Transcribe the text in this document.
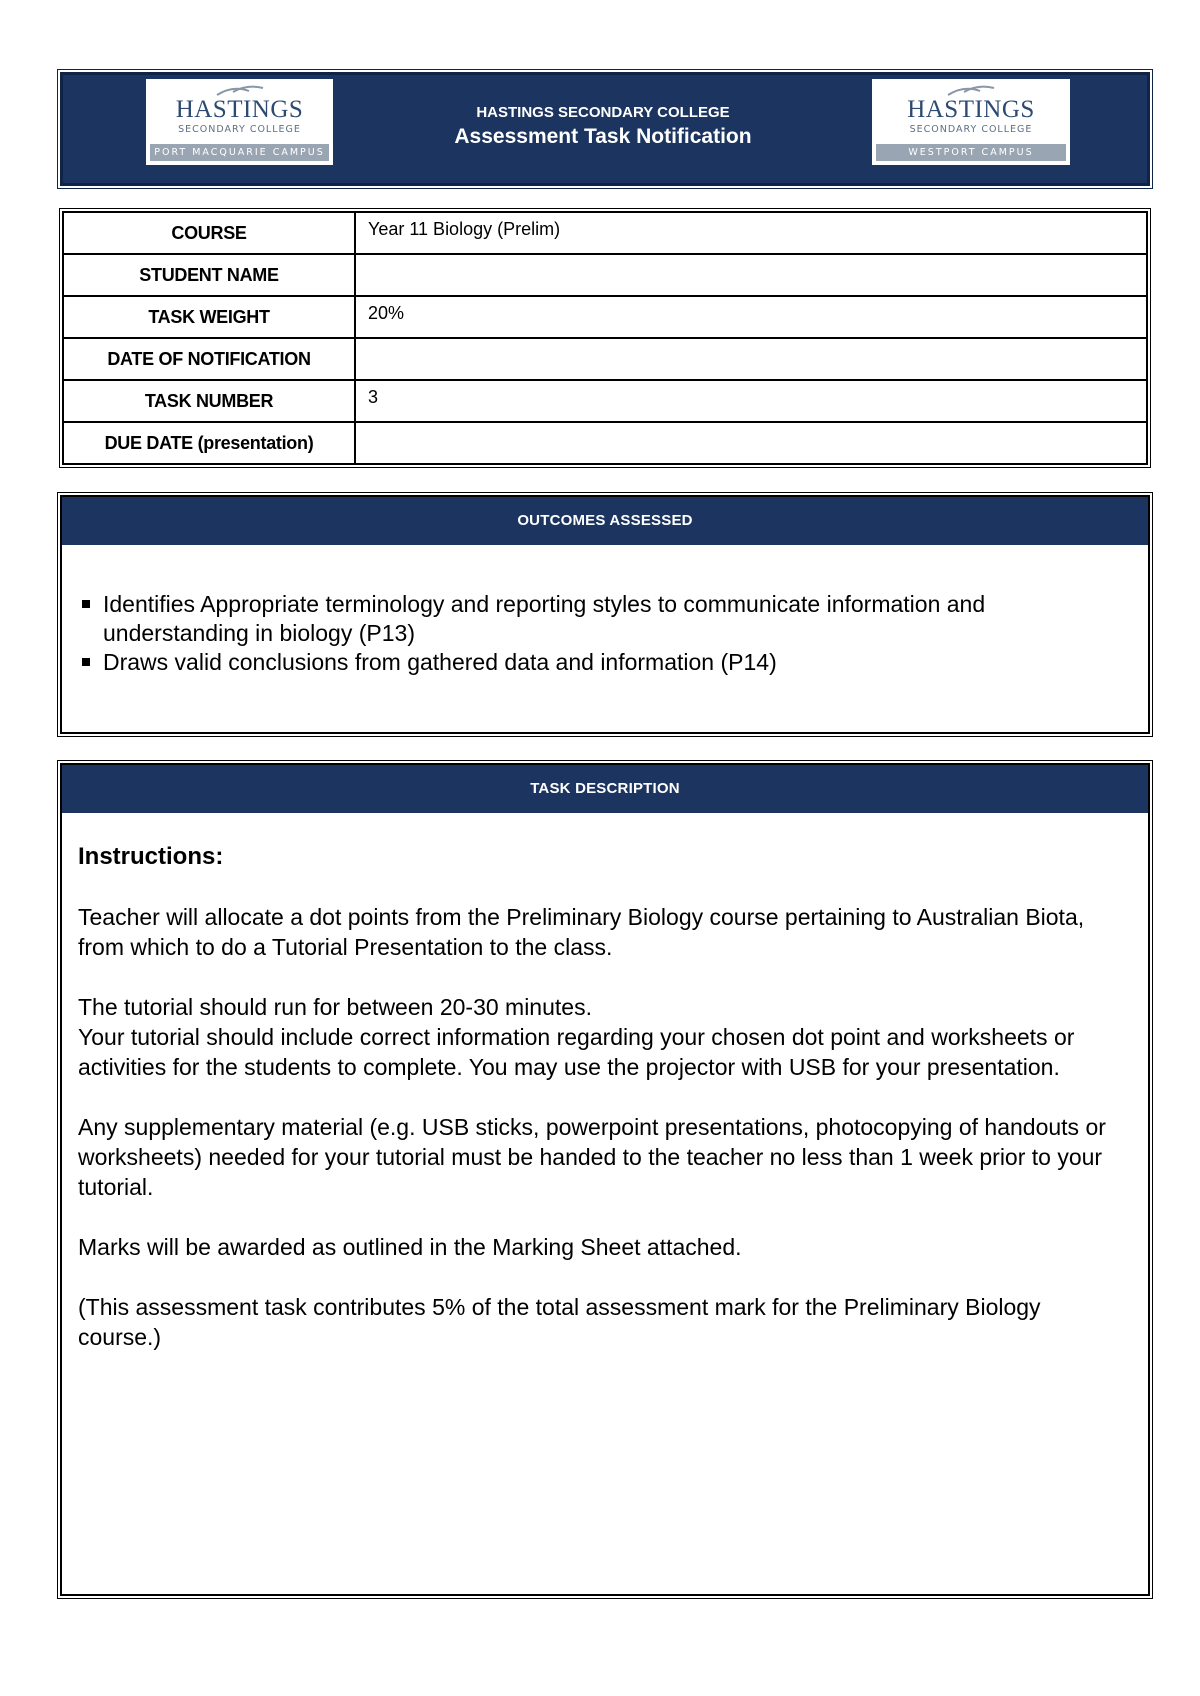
HASTINGS
SECONDARY COLLEGE
PORT MACQUARIE CAMPUS
HASTINGS SECONDARY COLLEGE
Assessment Task Notification
HASTINGS
SECONDARY COLLEGE
WESTPORT CAMPUS
COURSE	Year 11 Biology (Prelim)
STUDENT NAME	
TASK WEIGHT	20%
DATE OF NOTIFICATION	
TASK NUMBER	3
DUE DATE (presentation)	
OUTCOMES ASSESSED
Identifies Appropriate terminology and reporting styles to communicate information and understanding in biology (P13)
Draws valid conclusions from gathered data and information (P14)
TASK DESCRIPTION
Instructions:

Teacher will allocate a dot points from the Preliminary Biology course pertaining to Australian Biota, from which to do a Tutorial Presentation to the class.

The tutorial should run for between 20-30 minutes.

Your tutorial should include correct information regarding your chosen dot point and worksheets or activities for the students to complete. You may use the projector with USB for your presentation.

Any supplementary material (e.g. USB sticks, powerpoint presentations, photocopying of handouts or worksheets) needed for your tutorial must be handed to the teacher no less than 1 week prior to your tutorial.

Marks will be awarded as outlined in the Marking Sheet attached.

(This assessment task contributes 5% of the total assessment mark for the Preliminary Biology course.)
